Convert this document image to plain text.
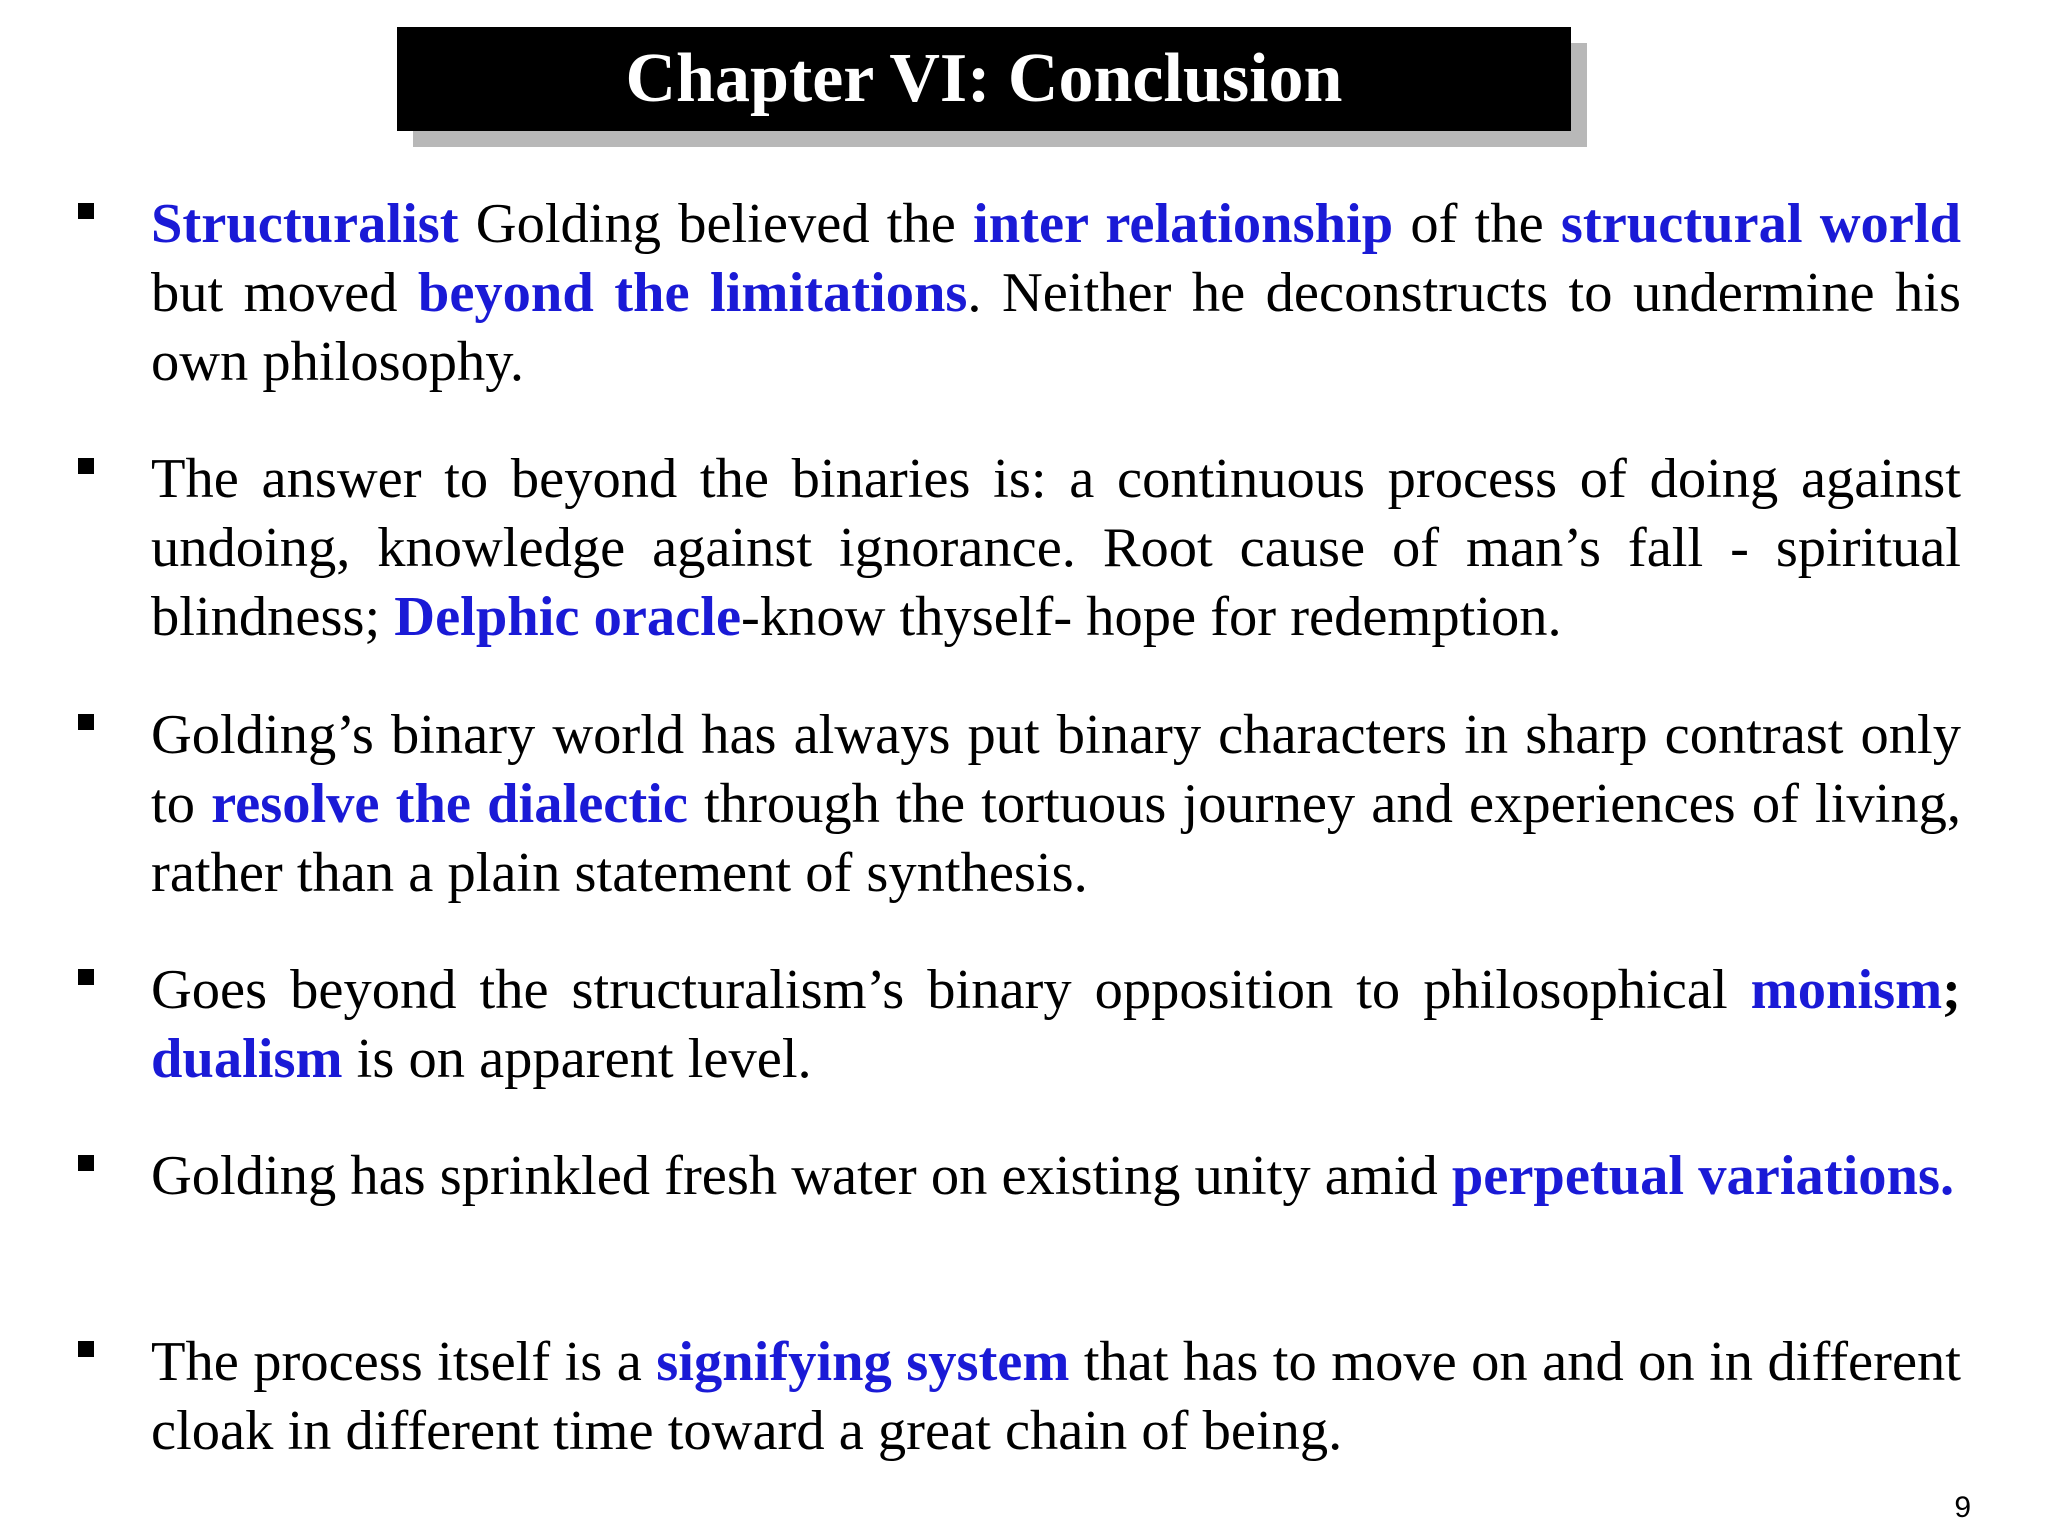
Chapter VI: Conclusion
Structuralist Golding believed the inter relationship of the structural world but moved beyond the limitations. Neither he deconstructs to undermine his own philosophy.
The answer to beyond the binaries is: a continuous process of doing against undoing, knowledge against ignorance. Root cause of man’s fall - spiritual blindness; Delphic oracle-know thyself- hope for redemption.
Golding’s binary world has always put binary characters in sharp contrast only to resolve the dialectic through the tortuous journey and experiences of living, rather than a plain statement of synthesis.
Goes beyond the structuralism’s binary opposition to philosophical monism; dualism is on apparent level.
Golding has sprinkled fresh water on existing unity amid perpetual variations.
The process itself is a signifying system that has to move on and on in different cloak in different time toward a great chain of being.
9
